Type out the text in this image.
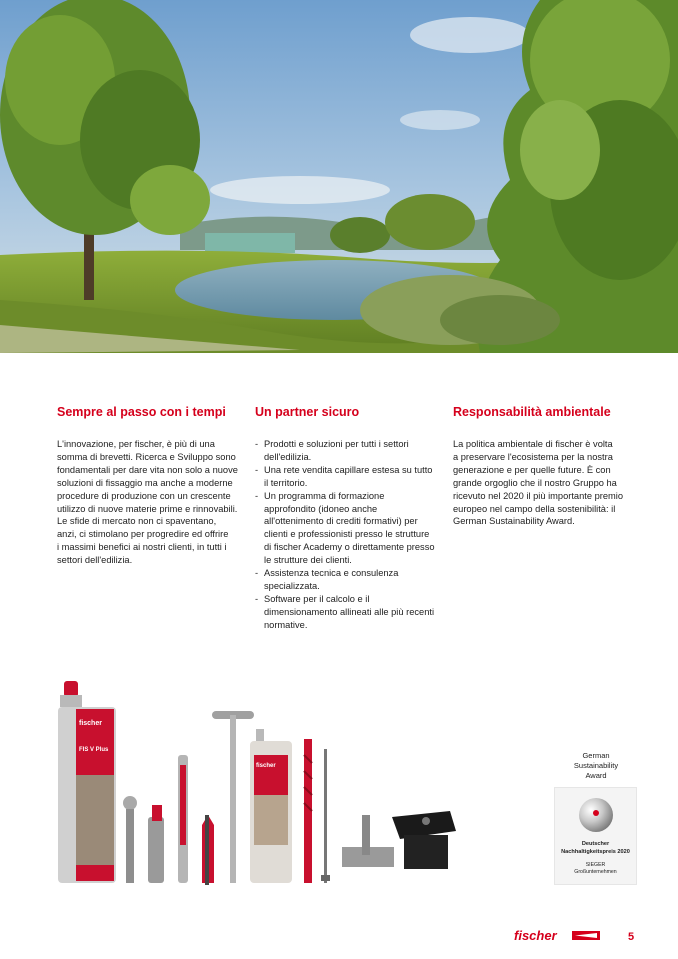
Sempre al passo con i tempi

L'innovazione, per fischer, è più di una
somma di brevetti. Ricerca e Sviluppo sono
fondamentali per dare vita non solo a nuove
soluzioni di fissaggio ma anche a moderne
procedure di produzione con un crescente
utilizzo di nuove materie prime e rinnovabili.
Le sfide di mercato non ci spaventano,
anzi, ci stimolano per progredire ed offrire
i massimi benefici ai nostri clienti, in tutti i
settori dell'edilizia.

Un partner sicuro
- Prodotti e soluzioni per tutti i settori
dell'edilizia.
- Una rete vendita capillare estesa su tutto
il territorio.
- Un programma di formazione
approfondito (idoneo anche
all'ottenimento di crediti formativi) per
clienti e professionisti presso le strutture
di fischer Academy o direttamente presso
le strutture dei clienti.
- Assistenza tecnica e consulenza
specializzata.
- Software per il calcolo e il
dimensionamento allineati alle più recenti
normative.
Responsabilità ambientale

La politica ambientale di fischer è volta
a preservare l'ecosistema per la nostra
generazione e per quelle future. È con
grande orgoglio che il nostro Gruppo ha
ricevuto nel 2020 il più importante premio
europeo nel campo della sostenibilità: il
German Sustainability Award.

fischer
FIS V Plus
fischer
German
Sustainability
Award
Deutscher
Nachhaltigkeitspreis 2020
SIEGER
Großunternehmen
fischer	5
